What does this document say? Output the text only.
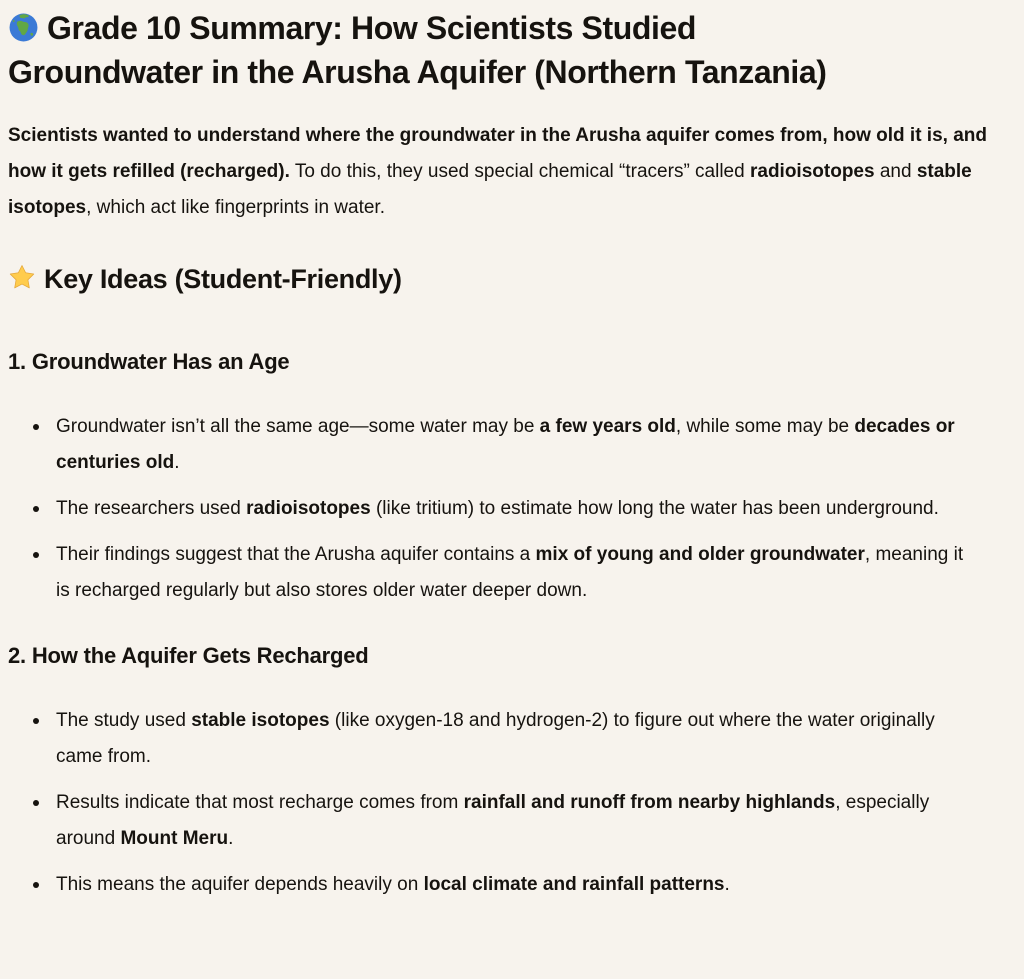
Grade 10 Summary: How Scientists Studied Groundwater in the Arusha Aquifer (Northern Tanzania)

Scientists wanted to understand where the groundwater in the Arusha aquifer comes from, how old it is, and how it gets refilled (recharged). To do this, they used special chemical “tracers” called radioisotopes and stable isotopes, which act like fingerprints in water.

Key Ideas (Student-Friendly)
1. Groundwater Has an Age
Groundwater isn’t all the same age—some water may be a few years old, while some may be decades or centuries old.
The researchers used radioisotopes (like tritium) to estimate how long the water has been underground.
Their findings suggest that the Arusha aquifer contains a mix of young and older groundwater, meaning it is recharged regularly but also stores older water deeper down.
2. How the Aquifer Gets Recharged
The study used stable isotopes (like oxygen-18 and hydrogen-2) to figure out where the water originally came from.
Results indicate that most recharge comes from rainfall and runoff from nearby highlands, especially around Mount Meru.
This means the aquifer depends heavily on local climate and rainfall patterns.
